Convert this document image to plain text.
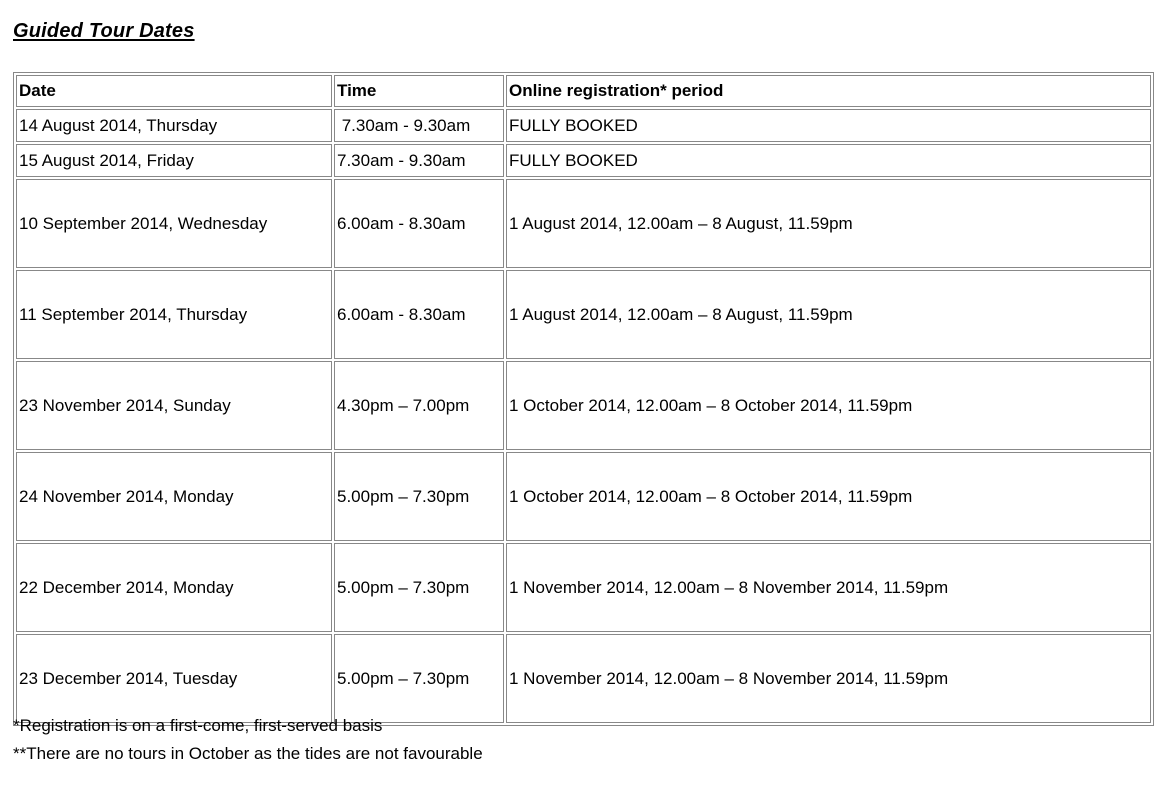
Guided Tour Dates
Date	Time	Online registration* period
14 August 2014, Thursday	7.30am - 9.30am	FULLY BOOKED
15 August 2014, Friday	7.30am - 9.30am	FULLY BOOKED
10 September 2014, Wednesday	6.00am - 8.30am	1 August 2014, 12.00am – 8 August, 11.59pm
11 September 2014, Thursday	6.00am - 8.30am	1 August 2014, 12.00am – 8 August, 11.59pm
23 November 2014, Sunday	4.30pm – 7.00pm	1 October 2014, 12.00am – 8 October 2014, 11.59pm
24 November 2014, Monday	5.00pm – 7.30pm	1 October 2014, 12.00am – 8 October 2014, 11.59pm
22 December 2014, Monday	5.00pm – 7.30pm	1 November 2014, 12.00am – 8 November 2014, 11.59pm
23 December 2014, Tuesday	5.00pm – 7.30pm	1 November 2014, 12.00am – 8 November 2014, 11.59pm
*Registration is on a first-come, first-served basis
**There are no tours in October as the tides are not favourable
